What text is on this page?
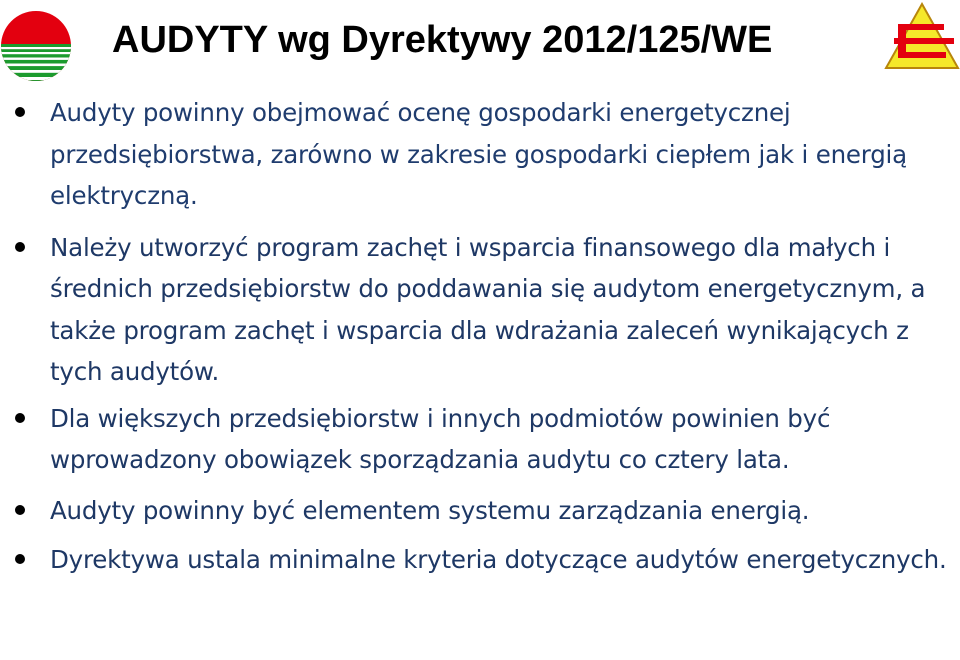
AUDYTY wg Dyrektywy 2012/125/WE
Audyty powinny obejmować ocenę gospodarki energetycznej przedsiębiorstwa, zarówno w zakresie gospodarki ciepłem jak i energią elektryczną.
Należy utworzyć program zachęt i wsparcia finansowego dla małych i średnich przedsiębiorstw do poddawania się audytom energetycznym, a także program zachęt i wsparcia dla wdrażania zaleceń wynikających z tych audytów.
Dla większych przedsiębiorstw i innych podmiotów powinien być wprowadzony obowiązek sporządzania audytu co cztery lata.
Audyty powinny być elementem systemu zarządzania energią.
Dyrektywa ustala minimalne kryteria dotyczące audytów energetycznych.
